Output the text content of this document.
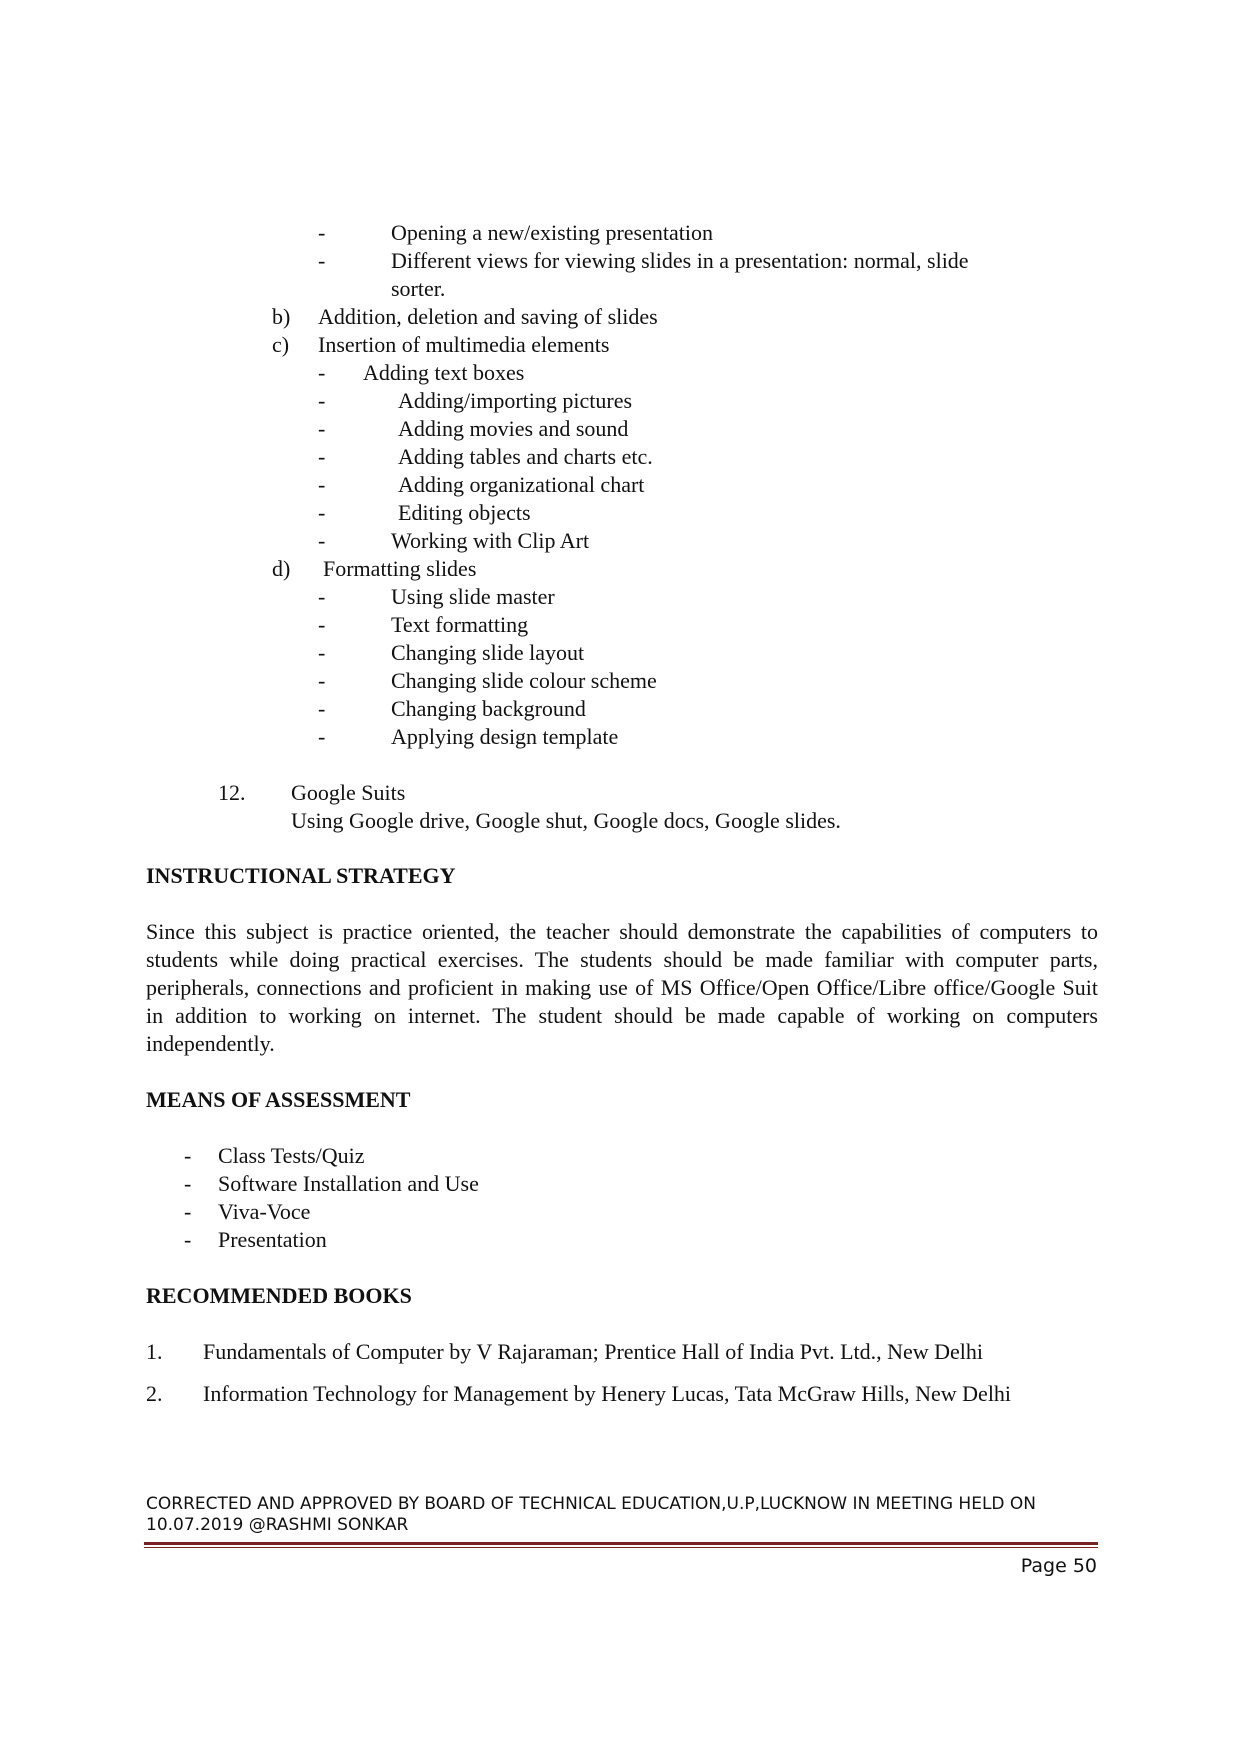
-	Opening a new/existing presentation
-	Different views for viewing slides in a presentation: normal, slide
sorter.
b) Addition, deletion and saving of slides
c) Insertion of multimedia elements
- Adding text boxes
-	Adding/importing pictures
-	Adding movies and sound
-	Adding tables and charts etc.
-	Adding organizational chart
-	Editing objects
-	Working with Clip Art
d) Formatting slides
-	Using slide master
-	Text formatting
-	Changing slide layout
-	Changing slide colour scheme
-	Changing background
-	Applying design template
12. Google Suits
Using Google drive, Google shut, Google docs, Google slides.
INSTRUCTIONAL STRATEGY
Since this subject is practice oriented, the teacher should demonstrate the capabilities of computers to students while doing practical exercises. The students should be made familiar with computer parts, peripherals, connections and proficient in making use of MS Office/Open Office/Libre office/Google Suit in addition to working on internet. The student should be made capable of working on computers independently.
MEANS OF ASSESSMENT
- Class Tests/Quiz
- Software Installation and Use
- Viva-Voce
- Presentation
RECOMMENDED BOOKS
1. Fundamentals of Computer by V Rajaraman; Prentice Hall of India Pvt. Ltd., New Delhi
2. Information Technology for Management by Henery Lucas, Tata McGraw Hills, New Delhi
CORRECTED AND APPROVED BY BOARD OF TECHNICAL EDUCATION,U.P,LUCKNOW IN MEETING HELD ON
10.07.2019 @RASHMI SONKAR
Page 50
